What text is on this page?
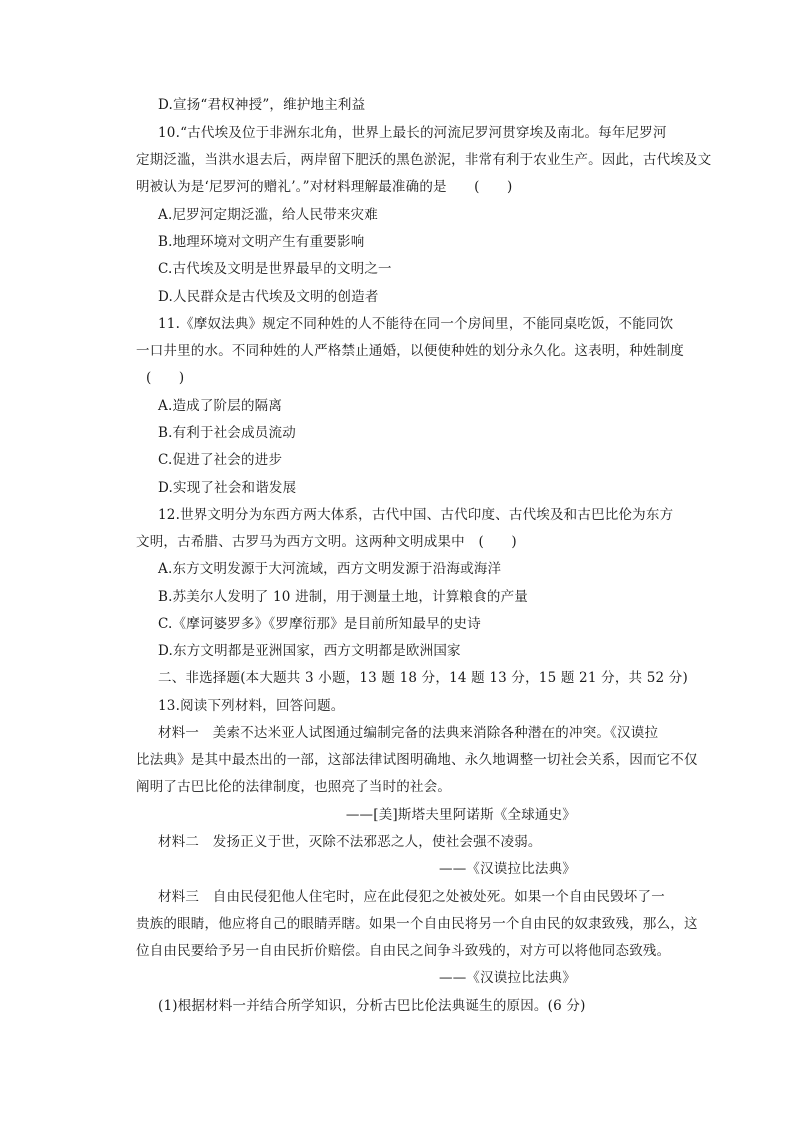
D.宣扬“君权神授”，维护地主利益
10.“古代埃及位于非洲东北角，世界上最长的河流尼罗河贯穿埃及南北。每年尼罗河
定期泛滥，当洪水退去后，两岸留下肥沃的黑色淤泥，非常有利于农业生产。因此，古代埃及文
明被认为是‘尼罗河的赠礼’。”对材料理解最准确的是　　(　　)
A.尼罗河定期泛滥，给人民带来灾难
B.地理环境对文明产生有重要影响
C.古代埃及文明是世界最早的文明之一
D.人民群众是古代埃及文明的创造者
11.《摩奴法典》规定不同种姓的人不能待在同一个房间里，不能同桌吃饭，不能同饮
一口井里的水。不同种姓的人严格禁止通婚，以便使种姓的划分永久化。这表明，种姓制度
(　　)
A.造成了阶层的隔离
B.有利于社会成员流动
C.促进了社会的进步
D.实现了社会和谐发展
12.世界文明分为东西方两大体系，古代中国、古代印度、古代埃及和古巴比伦为东方
文明，古希腊、古罗马为西方文明。这两种文明成果中　(　　)
A.东方文明发源于大河流域，西方文明发源于沿海或海洋
B.苏美尔人发明了 10 进制，用于测量土地，计算粮食的产量
C.《摩诃婆罗多》《罗摩衍那》是目前所知最早的史诗
D.东方文明都是亚洲国家，西方文明都是欧洲国家
二、非选择题(本大题共 3 小题，13 题 18 分，14 题 13 分，15 题 21 分，共 52 分)
13.阅读下列材料，回答问题。
材料一　美索不达米亚人试图通过编制完备的法典来消除各种潜在的冲突。《汉谟拉
比法典》是其中最杰出的一部，这部法律试图明确地、永久地调整一切社会关系，因而它不仅
阐明了古巴比伦的法律制度，也照亮了当时的社会。
——[美]斯塔夫里阿诺斯《全球通史》
材料二　发扬正义于世，灭除不法邪恶之人，使社会强不凌弱。
——《汉谟拉比法典》
材料三　自由民侵犯他人住宅时，应在此侵犯之处被处死。如果一个自由民毁坏了一
贵族的眼睛，他应将自己的眼睛弄瞎。如果一个自由民将另一个自由民的奴隶致残，那么，这
位自由民要给予另一自由民折价赔偿。自由民之间争斗致残的，对方可以将他同态致残。
——《汉谟拉比法典》
(1)根据材料一并结合所学知识，分析古巴比伦法典诞生的原因。(6 分)
